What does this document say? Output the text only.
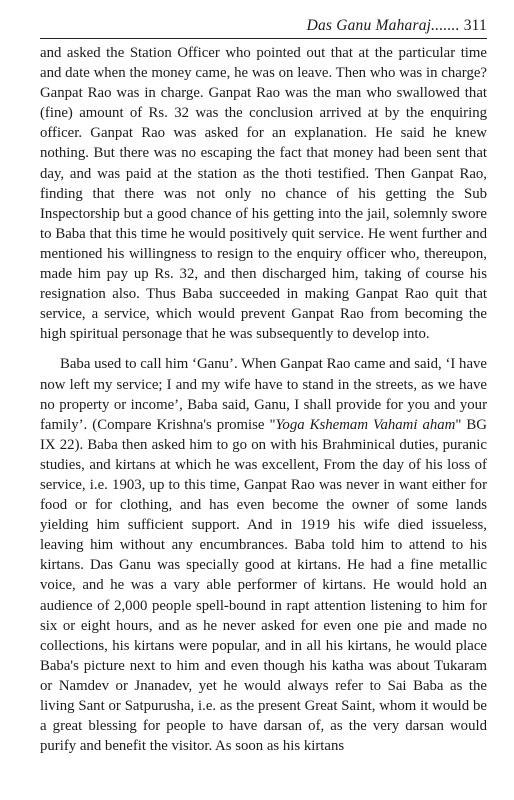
Das Ganu Maharaj....... 311

and asked the Station Officer who pointed out that at the particular time and date when the money came, he was on leave. Then who was in charge? Ganpat Rao was in charge. Ganpat Rao was the man who swallowed that (fine) amount of Rs. 32 was the conclusion arrived at by the enquiring officer. Ganpat Rao was asked for an explanation. He said he knew nothing. But there was no escaping the fact that money had been sent that day, and was paid at the station as the thoti testified. Then Ganpat Rao, finding that there was not only no chance of his getting the Sub Inspectorship but a good chance of his getting into the jail, solemnly swore to Baba that this time he would positively quit service. He went further and mentioned his willingness to resign to the enquiry officer who, thereupon, made him pay up Rs. 32, and then discharged him, taking of course his resignation also. Thus Baba succeeded in making Ganpat Rao quit that service, a service, which would prevent Ganpat Rao from becoming the high spiritual personage that he was subsequently to develop into.

Baba used to call him ‘Ganu’. When Ganpat Rao came and said, ‘I have now left my service; I and my wife have to stand in the streets, as we have no property or income’, Baba said, Ganu, I shall provide for you and your family’. (Compare Krishna's promise "Yoga Kshemam Vahami aham" BG IX 22). Baba then asked him to go on with his Brahminical duties, puranic studies, and kirtans at which he was excellent, From the day of his loss of service, i.e. 1903, up to this time, Ganpat Rao was never in want either for food or for clothing, and has even become the owner of some lands yielding him sufficient support. And in 1919 his wife died issueless, leaving him without any encumbrances. Baba told him to attend to his kirtans. Das Ganu was specially good at kirtans. He had a fine metallic voice, and he was a vary able performer of kirtans. He would hold an audience of 2,000 people spell-bound in rapt attention listening to him for six or eight hours, and as he never asked for even one pie and made no collections, his kirtans were popular, and in all his kirtans, he would place Baba's picture next to him and even though his katha was about Tukaram or Namdev or Jnanadev, yet he would always refer to Sai Baba as the living Sant or Satpurusha, i.e. as the present Great Saint, whom it would be a great blessing for people to have darsan of, as the very darsan would purify and benefit the visitor. As soon as his kirtans
